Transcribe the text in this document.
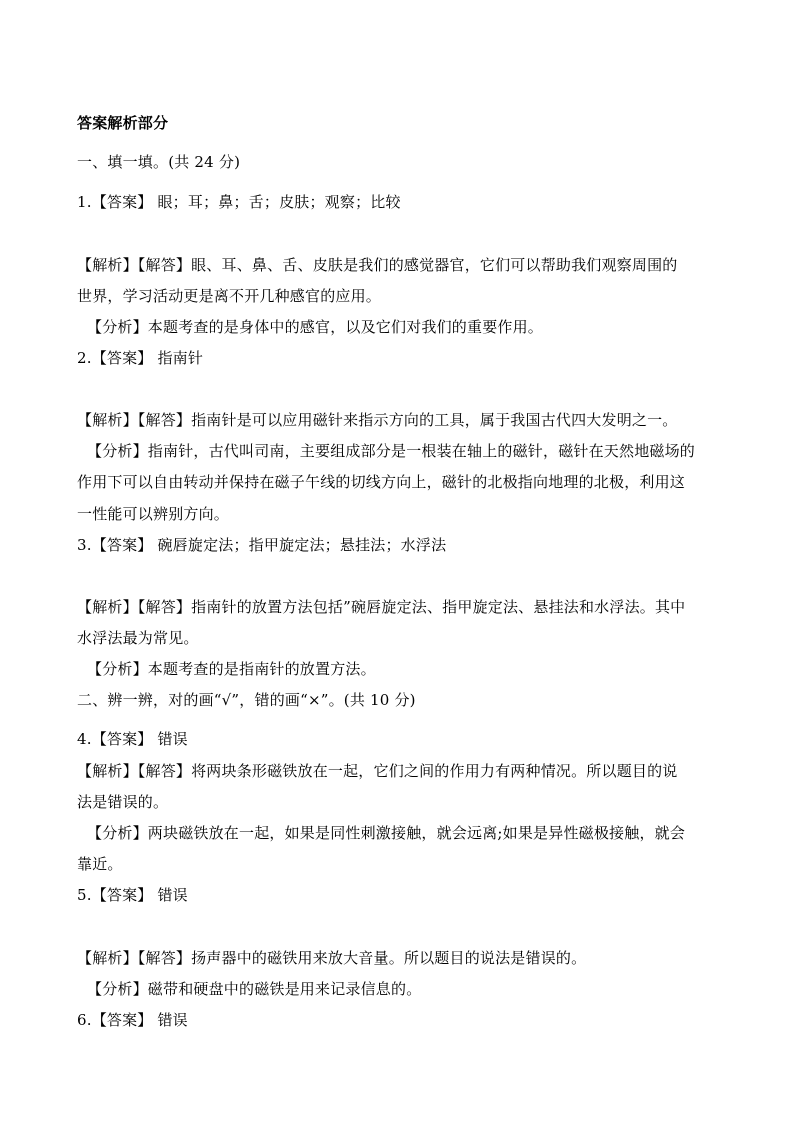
答案解析部分
一、填一填。(共 24 分)
1.【答案】 眼；耳；鼻；舌；皮肤；观察；比较
【解析】【解答】眼、耳、鼻、舌、皮肤是我们的感觉器官，它们可以帮助我们观察周围的
世界，学习活动更是离不开几种感官的应用。
【分析】本题考查的是身体中的感官，以及它们对我们的重要作用。
2.【答案】 指南针
【解析】【解答】指南针是可以应用磁针来指示方向的工具，属于我国古代四大发明之一。
【分析】指南针，古代叫司南，主要组成部分是一根装在轴上的磁针，磁针在天然地磁场的
作用下可以自由转动并保持在磁子午线的切线方向上，磁针的北极指向地理的北极，利用这
一性能可以辨别方向。
3.【答案】 碗唇旋定法；指甲旋定法；悬挂法；水浮法
【解析】【解答】指南针的放置方法包括”碗唇旋定法、指甲旋定法、悬挂法和水浮法。其中
水浮法最为常见。
【分析】本题考查的是指南针的放置方法。
二、辨一辨，对的画“√”，错的画“×”。(共 10 分)
4.【答案】 错误
【解析】【解答】将两块条形磁铁放在一起，它们之间的作用力有两种情况。所以题目的说
法是错误的。
【分析】两块磁铁放在一起，如果是同性刺激接触，就会远离;如果是异性磁极接触，就会
靠近。
5.【答案】 错误
【解析】【解答】扬声器中的磁铁用来放大音量。所以题目的说法是错误的。
【分析】磁带和硬盘中的磁铁是用来记录信息的。
6.【答案】 错误
